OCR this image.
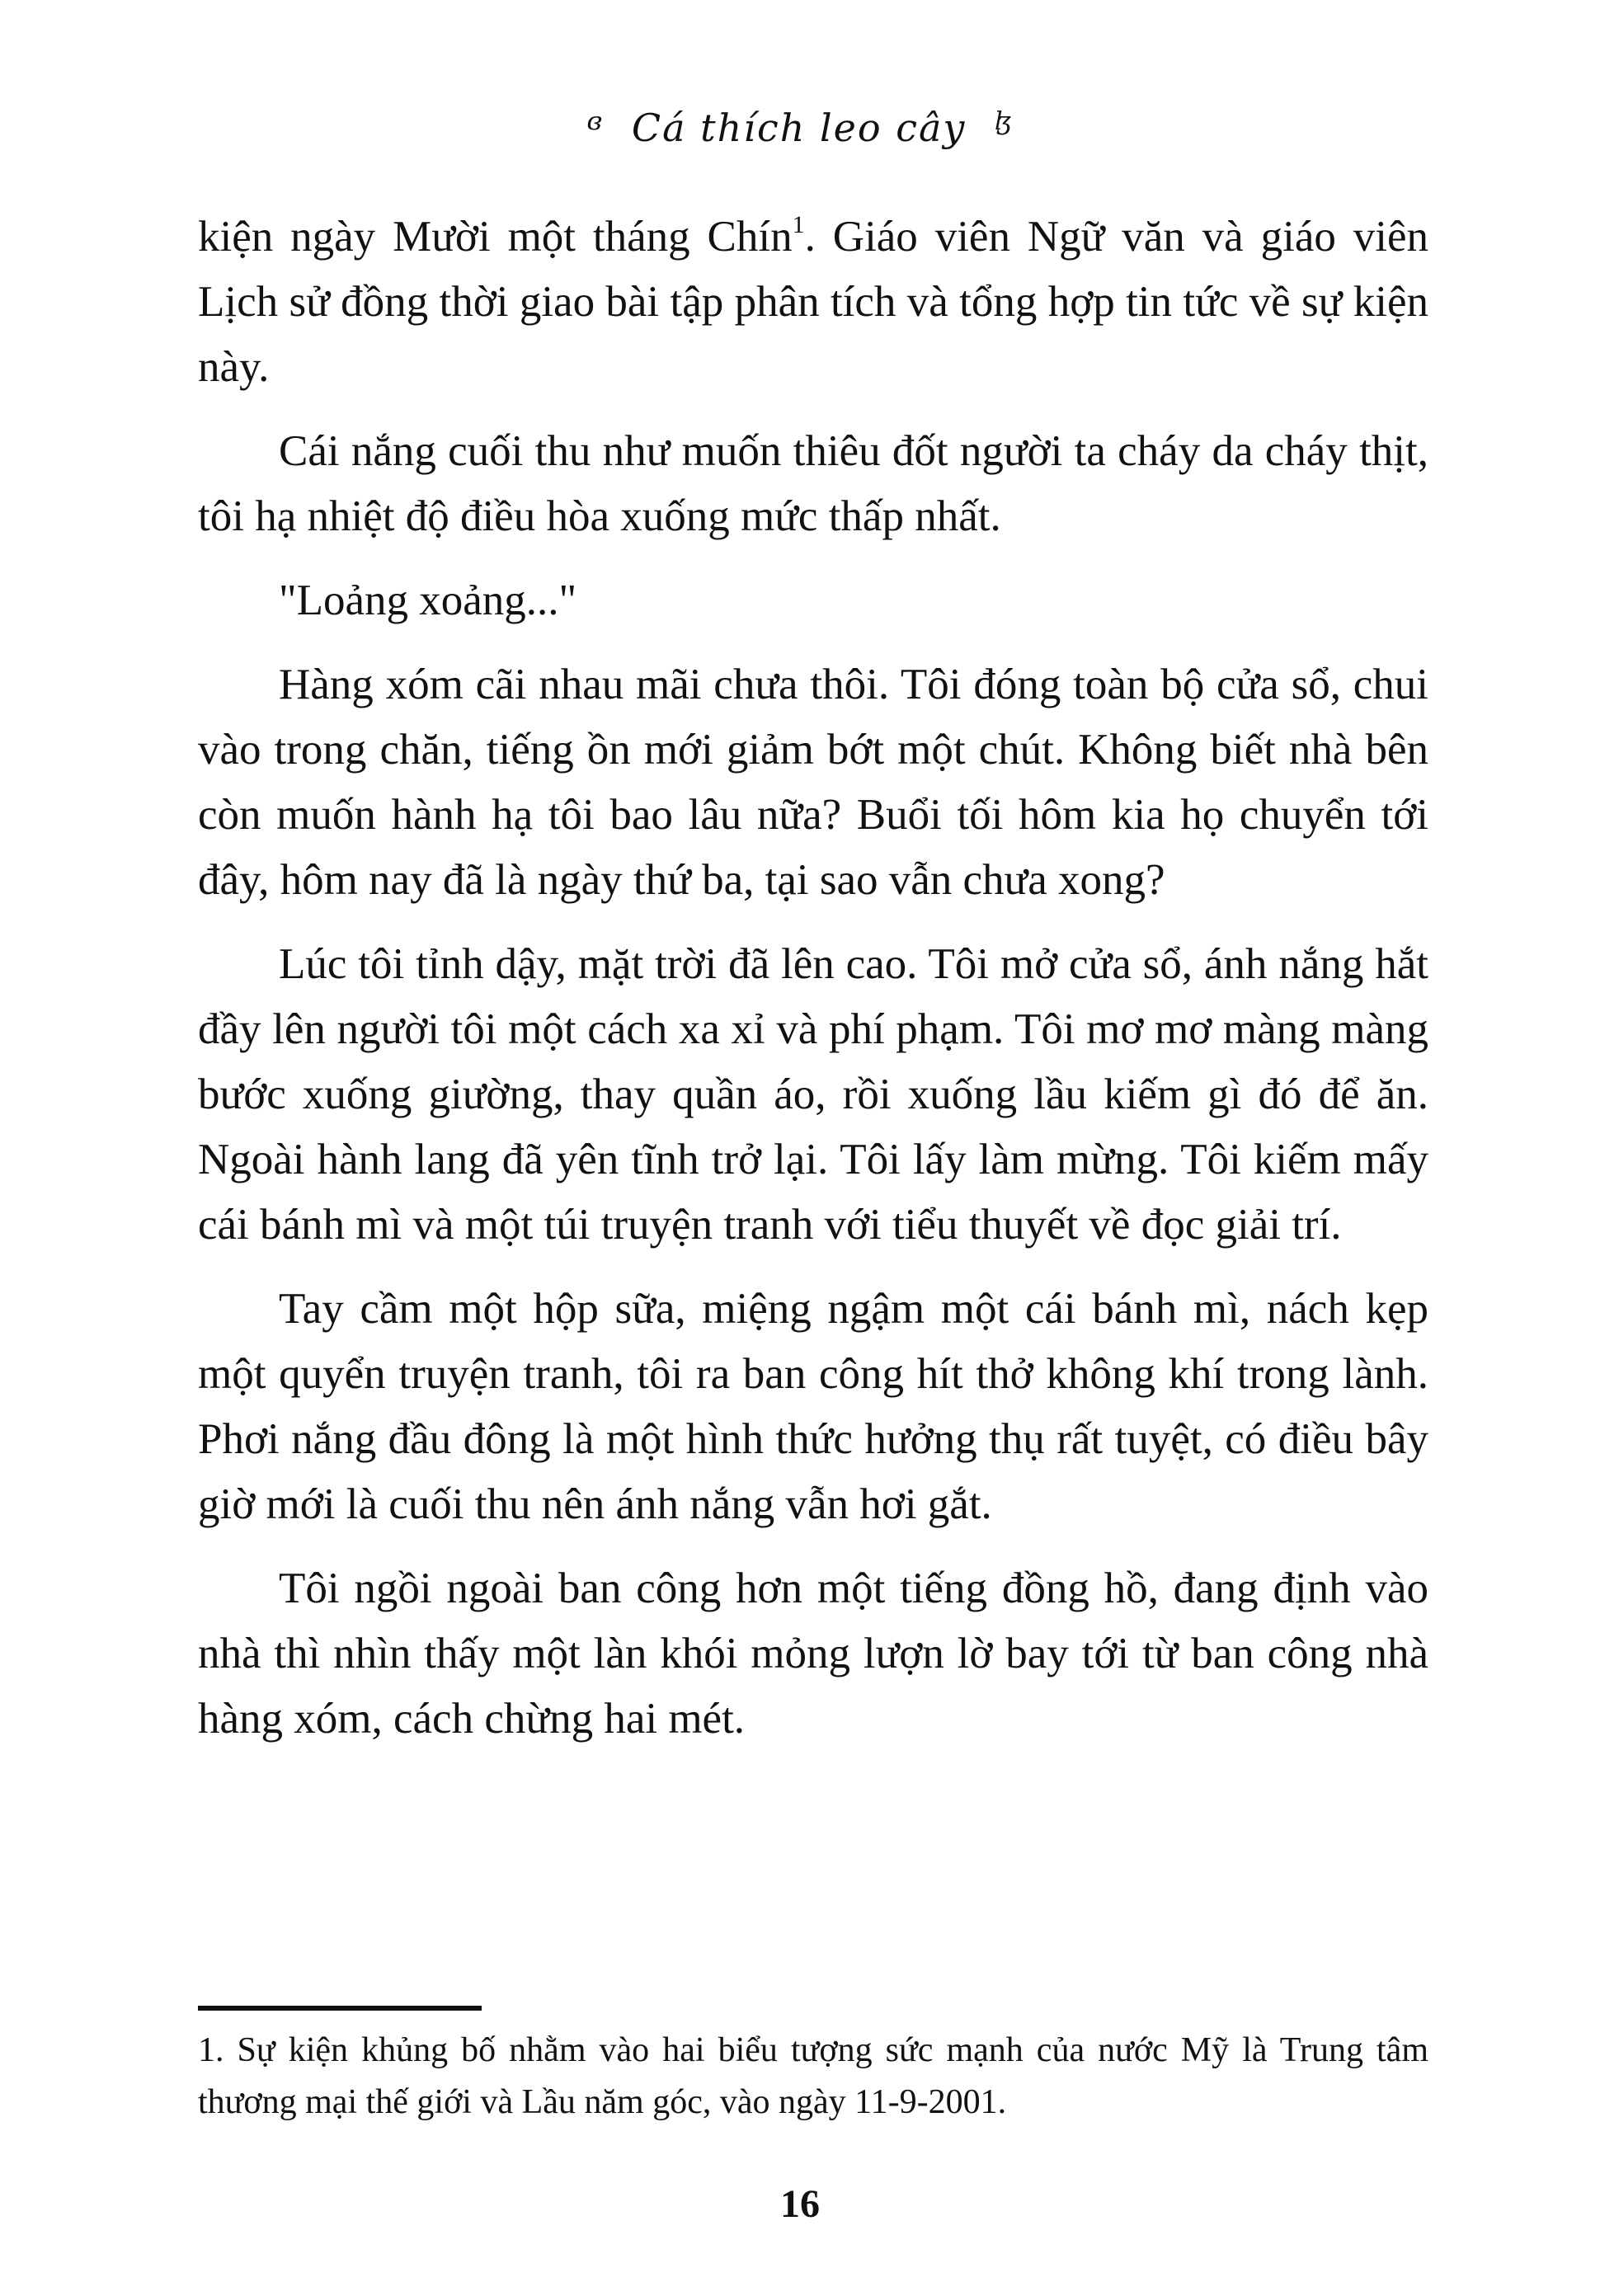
ɞ Cá thích leo cây ɮ

kiện ngày Mười một tháng Chín$^1$. Giáo viên Ngữ văn và giáo viên Lịch sử đồng thời giao bài tập phân tích và tổng hợp tin tức về sự kiện này.

Cái nắng cuối thu như muốn thiêu đốt người ta cháy da cháy thịt, tôi hạ nhiệt độ điều hòa xuống mức thấp nhất.

"Loảng xoảng..."

Hàng xóm cãi nhau mãi chưa thôi. Tôi đóng toàn bộ cửa sổ, chui vào trong chăn, tiếng ồn mới giảm bớt một chút. Không biết nhà bên còn muốn hành hạ tôi bao lâu nữa? Buổi tối hôm kia họ chuyển tới đây, hôm nay đã là ngày thứ ba, tại sao vẫn chưa xong?

Lúc tôi tỉnh dậy, mặt trời đã lên cao. Tôi mở cửa sổ, ánh nắng hắt đầy lên người tôi một cách xa xỉ và phí phạm. Tôi mơ mơ màng màng bước xuống giường, thay quần áo, rồi xuống lầu kiếm gì đó để ăn. Ngoài hành lang đã yên tĩnh trở lại. Tôi lấy làm mừng. Tôi kiếm mấy cái bánh mì và một túi truyện tranh với tiểu thuyết về đọc giải trí.

Tay cầm một hộp sữa, miệng ngậm một cái bánh mì, nách kẹp một quyển truyện tranh, tôi ra ban công hít thở không khí trong lành. Phơi nắng đầu đông là một hình thức hưởng thụ rất tuyệt, có điều bây giờ mới là cuối thu nên ánh nắng vẫn hơi gắt.

Tôi ngồi ngoài ban công hơn một tiếng đồng hồ, đang định vào nhà thì nhìn thấy một làn khói mỏng lượn lờ bay tới từ ban công nhà hàng xóm, cách chừng hai mét.

1. Sự kiện khủng bố nhằm vào hai biểu tượng sức mạnh của nước Mỹ là Trung tâm thương mại thế giới và Lầu năm góc, vào ngày 11-9-2001.

16
